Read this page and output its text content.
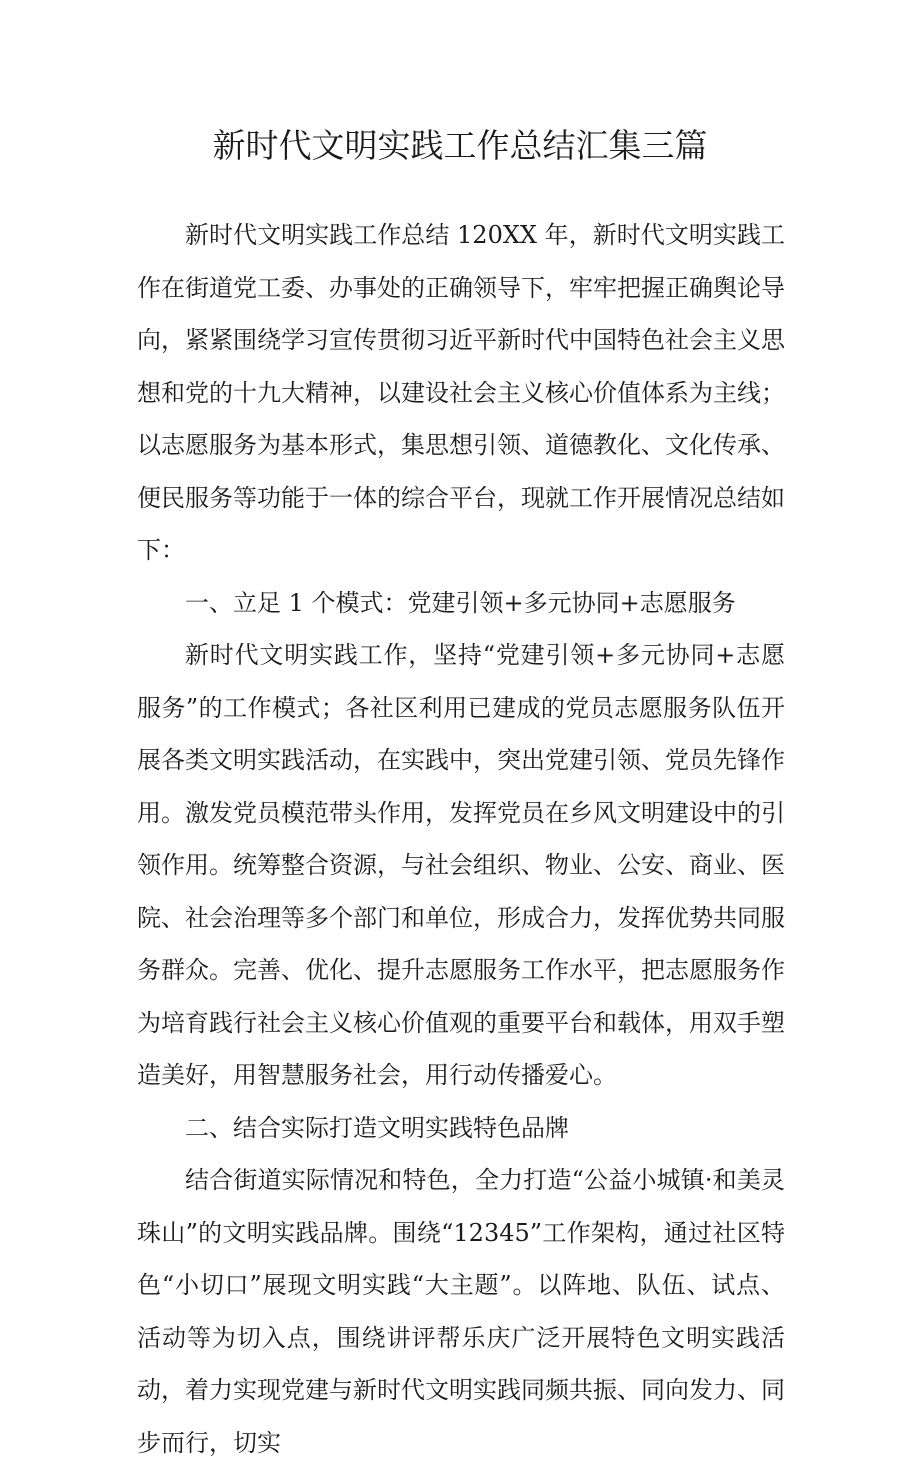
新时代文明实践工作总结汇集三篇

新时代文明实践工作总结 120XX 年，新时代文明实践工作在街道党工委、办事处的正确领导下，牢牢把握正确舆论导向，紧紧围绕学习宣传贯彻习近平新时代中国特色社会主义思想和党的十九大精神，以建设社会主义核心价值体系为主线；以志愿服务为基本形式，集思想引领、道德教化、文化传承、便民服务等功能于一体的综合平台，现就工作开展情况总结如下：

一、立足 1 个模式：党建引领+多元协同+志愿服务

新时代文明实践工作，坚持“党建引领+多元协同+志愿服务”的工作模式；各社区利用已建成的党员志愿服务队伍开展各类文明实践活动，在实践中，突出党建引领、党员先锋作用。激发党员模范带头作用，发挥党员在乡风文明建设中的引领作用。统筹整合资源，与社会组织、物业、公安、商业、医院、社会治理等多个部门和单位，形成合力，发挥优势共同服务群众。完善、优化、提升志愿服务工作水平，把志愿服务作为培育践行社会主义核心价值观的重要平台和载体，用双手塑造美好，用智慧服务社会，用行动传播爱心。

二、结合实际打造文明实践特色品牌

结合街道实际情况和特色，全力打造“公益小城镇·和美灵珠山”的文明实践品牌。围绕“12345”工作架构，通过社区特色“小切口”展现文明实践“大主题”。以阵地、队伍、试点、活动等为切入点，围绕讲评帮乐庆广泛开展特色文明实践活动，着力实现党建与新时代文明实践同频共振、同向发力、同步而行，切实
